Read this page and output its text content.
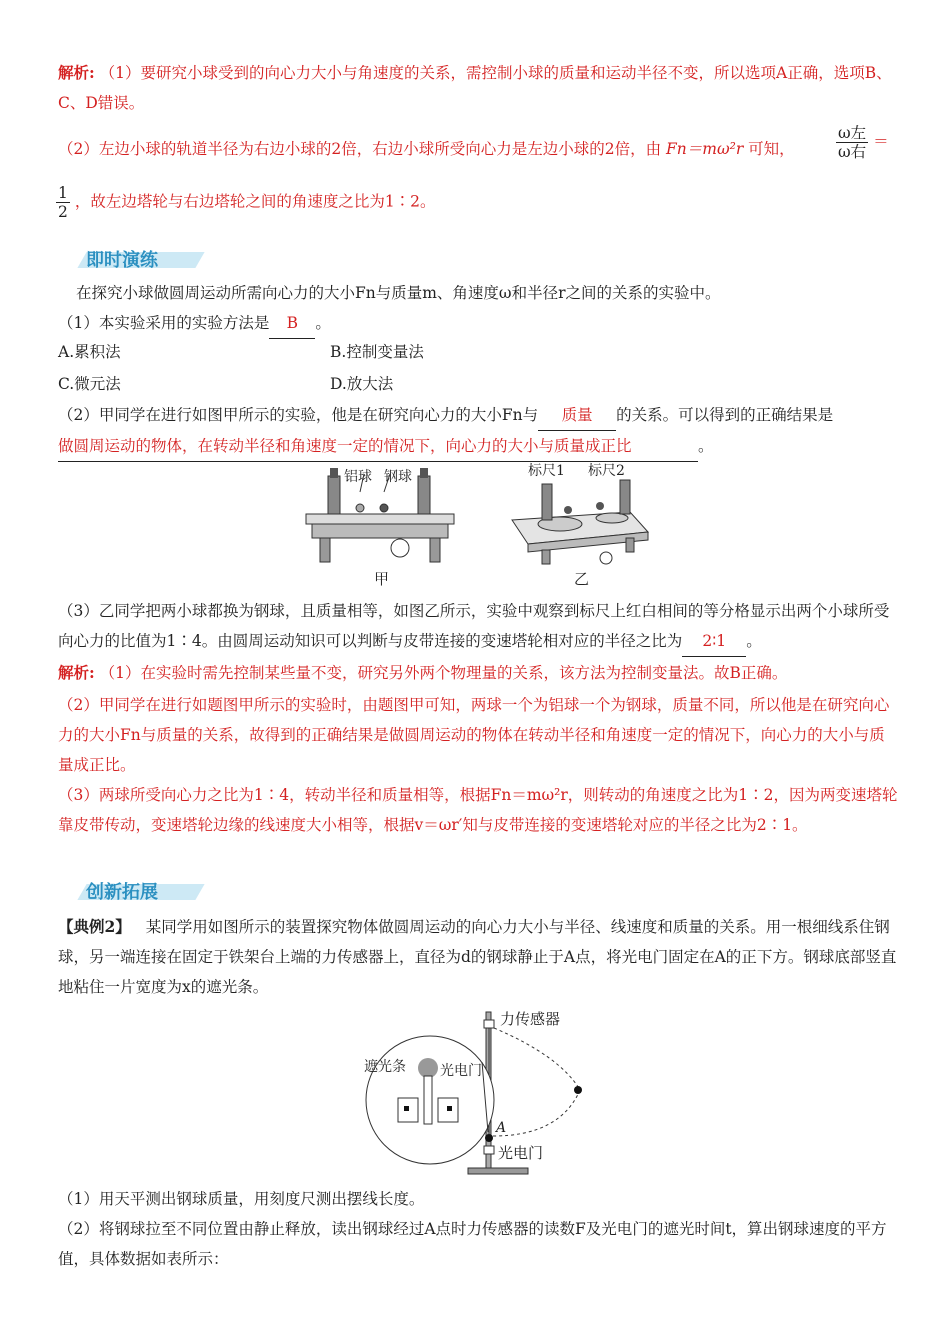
解析: （1）要研究小球受到的向心力大小与角速度的关系，需控制小球的质量和运动半径不变，所以选项A正确，选项B、C、D错误。
（2）左边小球的轨道半径为右边小球的2倍，右边小球所受向心力是左边小球的2倍，由 Fn＝mω²r 可知，	$\frac{\text{ω左}}{\text{ω右}}$ ＝
$\frac{1}{2}$ ，故左边塔轮与右边塔轮之间的角速度之比为1∶2。
即时演练
在探究小球做圆周运动所需向心力的大小Fn与质量m、角速度ω和半径r之间的关系的实验中。
（1）本实验采用的实验方法是 B 。
A.累积法	B.控制变量法
C.微元法	D.放大法
（2）甲同学在进行如图甲所示的实验，他是在研究向心力的大小Fn与 质量 的关系。可以得到的正确结果是
做圆周运动的物体，在转动半径和角速度一定的情况下，向心力的大小与质量成正比	。
铝球 钢球
甲
标尺1 标尺2
乙
（3）乙同学把两小球都换为钢球，且质量相等，如图乙所示，实验中观察到标尺上红白相间的等分格显示出两个小球所受向心力的比值为1∶4。由圆周运动知识可以判断与皮带连接的变速塔轮相对应的半径之比为 2∶1 。
解析: （1）在实验时需先控制某些量不变，研究另外两个物理量的关系，该方法为控制变量法。故B正确。
（2）甲同学在进行如题图甲所示的实验时，由题图甲可知，两球一个为铝球一个为钢球，质量不同，所以他是在研究向心力的大小Fn与质量的关系，故得到的正确结果是做圆周运动的物体在转动半径和角速度一定的情况下，向心力的大小与质量成正比。
（3）两球所受向心力之比为1∶4，转动半径和质量相等，根据Fn＝mω²r，则转动的角速度之比为1∶2，因为两变速塔轮靠皮带传动，变速塔轮边缘的线速度大小相等，根据v＝ωr′知与皮带连接的变速塔轮对应的半径之比为2∶1。
创新拓展
【典例2】 某同学用如图所示的装置探究物体做圆周运动的向心力大小与半径、线速度和质量的关系。用一根细线系住钢球，另一端连接在固定于铁架台上端的力传感器上，直径为d的钢球静止于A点，将光电门固定在A的正下方。钢球底部竖直地粘住一片宽度为x的遮光条。
力传感器
遮光条 光电门
A
光电门
（1）用天平测出钢球质量，用刻度尺测出摆线长度。
（2）将钢球拉至不同位置由静止释放，读出钢球经过A点时力传感器的读数F及光电门的遮光时间t，算出钢球速度的平方值，具体数据如表所示：
